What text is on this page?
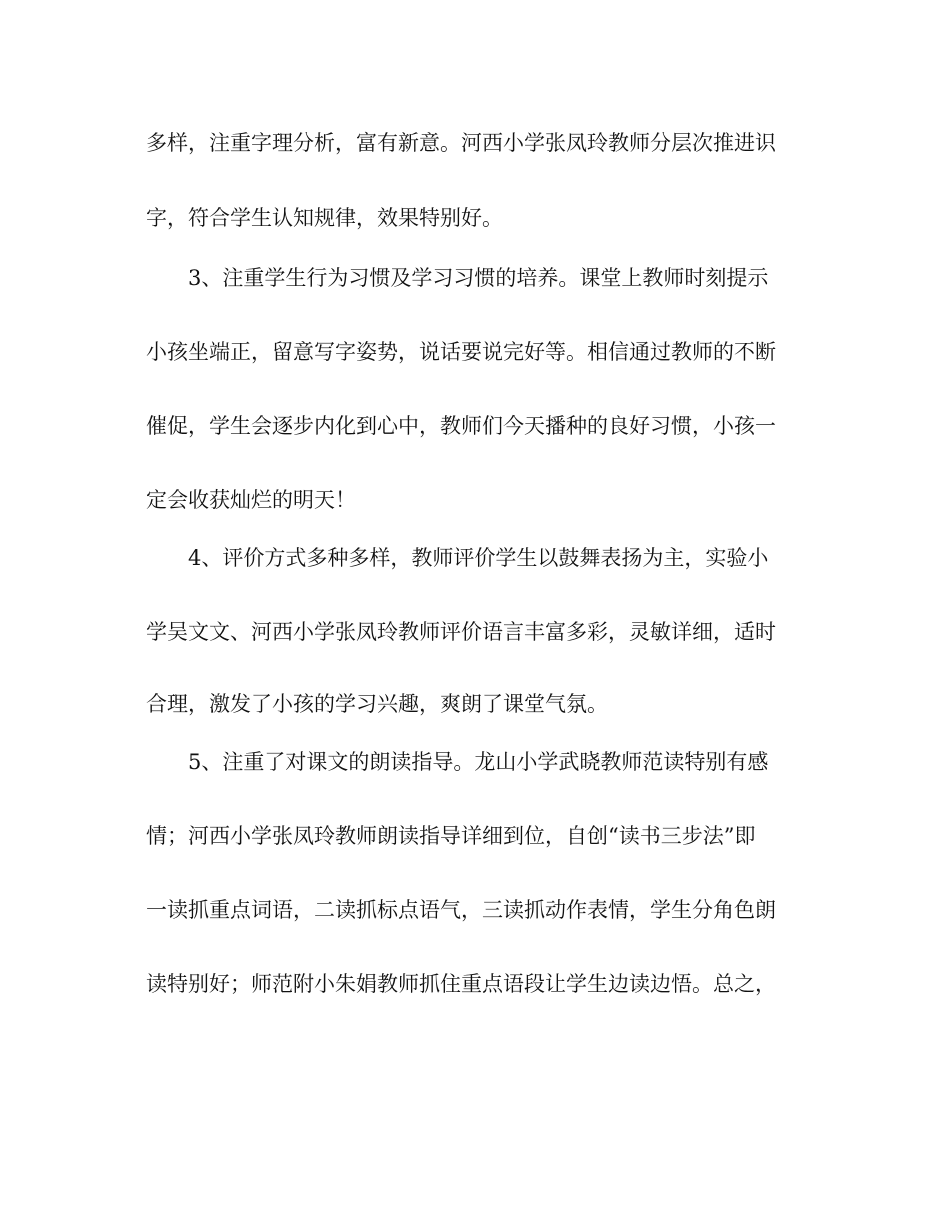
多样，注重字理分析，富有新意。河西小学张凤玲教师分层次推进识
字，符合学生认知规律，效果特别好。
3、注重学生行为习惯及学习习惯的培养。课堂上教师时刻提示
小孩坐端正，留意写字姿势，说话要说完好等。相信通过教师的不断
催促，学生会逐步内化到心中，教师们今天播种的良好习惯，小孩一
定会收获灿烂的明天！
4、评价方式多种多样，教师评价学生以鼓舞表扬为主，实验小
学吴文文、河西小学张凤玲教师评价语言丰富多彩，灵敏详细，适时
合理，激发了小孩的学习兴趣，爽朗了课堂气氛。
5、注重了对课文的朗读指导。龙山小学武晓教师范读特别有感
情；河西小学张凤玲教师朗读指导详细到位，自创“读书三步法”即
一读抓重点词语，二读抓标点语气，三读抓动作表情，学生分角色朗
读特别好；师范附小朱娟教师抓住重点语段让学生边读边悟。总之，
